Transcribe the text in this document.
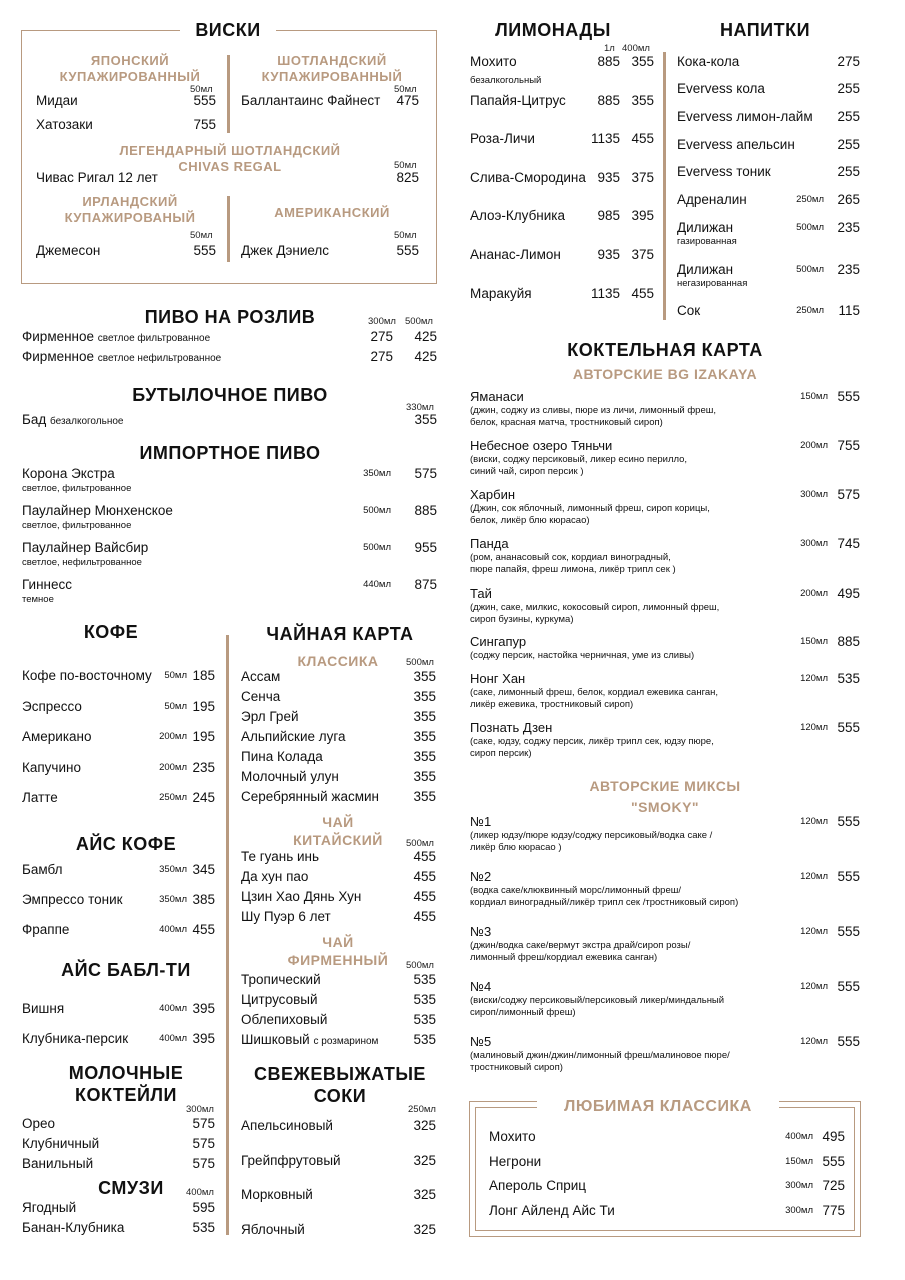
ВИСКИ
ЯПОНСКИЙ
КУПАЖИРОВАННЫЙ
50мл
Мидаи	555
Хатозаки	755
ШОТЛАНДСКИЙ
КУПАЖИРОВАННЫЙ
50мл
Баллантаинс Файнест 475
ЛЕГЕНДАРНЫЙ ШОТЛАНДСКИЙ
CHIVAS REGAL	50мл
Чивас Ригал 12 лет	825
ИРЛАНДСКИЙ
КУПАЖИРОВАНЫЙ
50мл
Джемесон	555
АМЕРИКАНСКИЙ
50мл
Джек Дэниелс	555
ПИВО НА РОЗЛИВ	300мл 500мл
Фирменное светлое фильтрованное	275 425
Фирменное светлое нефильтрованное	275 425
БУТЫЛОЧНОЕ ПИВО
330мл
Бад безалкогольное	355
ИМПОРТНОЕ ПИВО
Корона Экстра
светлое, фильтрованное
350мл 575
Паулайнер Мюнхенское
светлое, фильтрованное
500мл 885
Паулайнер Вайсбир
светлое, нефильтрованное
500мл 955
Гиннесс
темное
440мл 875
КОФЕ
Кофе по-восточному 50мл 185
Эспрессо	50мл 195
Американо	200мл 195
Капучино	200мл 235
Латте	250мл 245
АЙС КОФЕ
Бамбл	350мл 345
Эмпрессо тоник	350мл 385
Фраппе	400мл 455
АЙС БАБЛ-ТИ
Вишня	400мл 395
Клубника-персик	400мл 395
МОЛОЧНЫЕ
КОКТЕЙЛИ
300мл
Орео	575
Клубничный	575
Ванильный	575
СМУЗИ	400мл
Ягодный	595
Банан-Клубника	535
ЧАЙНАЯ КАРТА
КЛАССИКА	500мл
Ассам	355
Сенча	355
Эрл Грей	355
Альпийские луга	355
Пина Колада	355
Молочный улун	355
Серебрянный жасмин	355
ЧАЙ
КИТАЙСКИЙ	500мл
Те гуань инь	455
Да хун пао	455
Цзин Хао Дянь Хун	455
Шу Пуэр 6 лет	455
ЧАЙ
ФИРМЕННЫЙ	500мл
Тропический	535
Цитрусовый	535
Облепиховый	535
Шишковый с розмарином	535
СВЕЖЕВЫЖАТЫЕ
СОКИ
250мл
Апельсиновый	325
Грейпфрутовый	325
Морковный	325
Яблочный	325
ЛИМОНАДЫ
1л 400мл
Мохито
безалкогольный
885 355
Папайя-Цитрус 885 355
Роза-Личи	1135 455
Слива-Смородина 935 375
Алоэ-Клубника 985 395
Ананас-Лимон	935 375
Маракуйя	1135 455
НАПИТКИ
Кока-кола	275
Evervess кола	255
Evervess лимон-лайм 255
Evervess апельсин	255
Evervess тоник	255
Адреналин	250мл 265
Дилижан
газированная
500мл 235
Дилижан
негазированная
500мл 235
Сок	250мл 115
КОКТЕЛЬНАЯ КАРТА
АВТОРСКИЕ BG IZAKAYA
Яманаси
(джин, соджу из сливы, пюре из личи, лимонный фреш,
белок, красная матча, тростниковый сироп)
150мл 555
Небесное озеро Тяньчи
(виски, соджу персиковый, ликер есино перилло,
синий чай, сироп персик )
200мл 755
Харбин
(Джин, сок яблочный, лимонный фреш, сироп корицы,
белок, ликёр блю кюрасао)
300мл 575
Панда
(ром, ананасовый сок, кордиал виноградный,
пюре папайя, фреш лимона, ликёр трипл сек )
300мл 745
Тай
(джин, саке, милкис, кокосовый сироп, лимонный фреш,
сироп бузины, куркума)
200мл 495
Сингапур
(соджу персик, настойка черничная, уме из сливы)
150мл 885
Нонг Хан
(саке, лимонный фреш, белок, кордиал ежевика санган,
ликёр ежевика, тростниковый сироп)
120мл 535
Познать Дзен
(саке, юдзу, соджу персик, ликёр трипл сек, юдзу пюре,
сироп персик)
120мл 555
АВТОРСКИЕ МИКСЫ
"SMOKY"
№1
(ликер юдзу/пюре юдзу/соджу персиковый/водка саке /
ликёр блю кюрасао )
120мл 555
№2
(водка саке/клюквинный морс/лимонный фреш/
кордиал виноградный/ликёр трипл сек /тростниковый сироп)
120мл 555
№3
(джин/водка саке/вермут экстра драй/сироп розы/
лимонный фреш/кордиал ежевика санган)
120мл 555
№4
(виски/соджу персиковый/персиковый ликер/миндальный
сироп/лимонный фреш)
120мл 555
№5
(малиновый джин/джин/лимонный фреш/малиновое пюре/
тростниковый сироп)
120мл 555
ЛЮБИМАЯ КЛАССИКА
Мохито	400мл 495
Негрони	150мл 555
Апероль Сприц	300мл 725
Лонг Айленд Айс Ти	300мл 775
